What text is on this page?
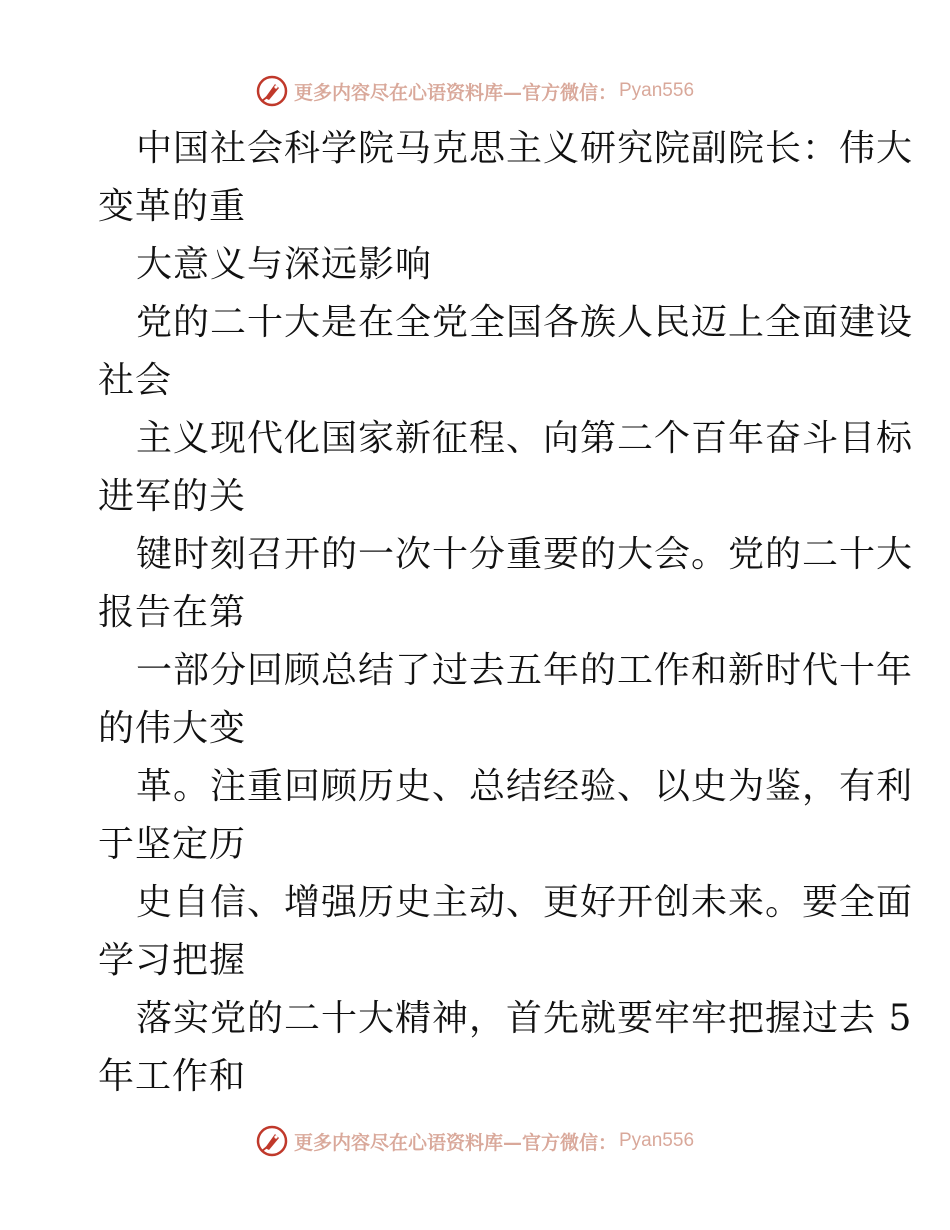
更多内容尽在心语资料库—官方微信： Pyan556
中国社会科学院马克思主义研究院副院长：伟大
变革的重
大意义与深远影响
党的二十大是在全党全国各族人民迈上全面建设
社会
主义现代化国家新征程、向第二个百年奋斗目标
进军的关
键时刻召开的一次十分重要的大会。党的二十大
报告在第
一部分回顾总结了过去五年的工作和新时代十年
的伟大变
革。注重回顾历史、总结经验、以史为鉴，有利
于坚定历
史自信、增强历史主动、更好开创未来。要全面
学习把握
落实党的二十大精神，首先就要牢牢把握过去 5
年工作和
更多内容尽在心语资料库—官方微信： Pyan556
